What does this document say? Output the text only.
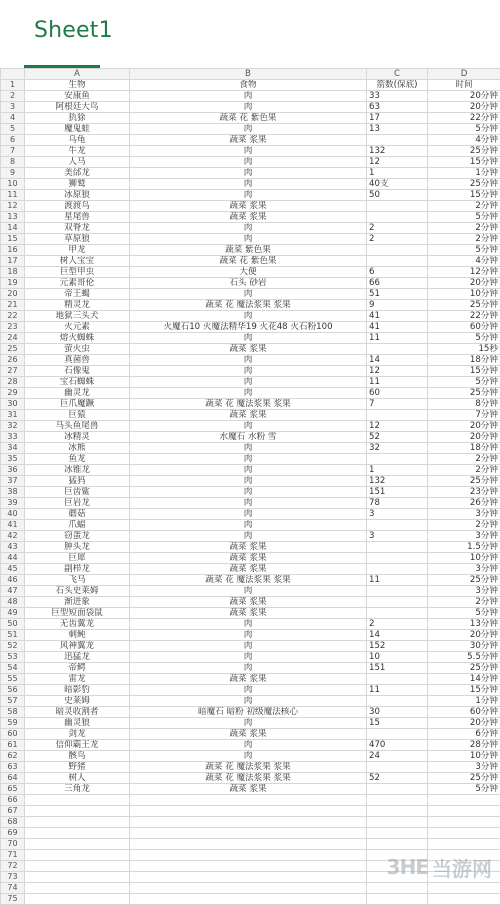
Sheet1
	A	B	C	D
1	生物	食物	箭数(保底)	时间
2	安康鱼	肉	33	20分钟
3	阿根廷大鸟	肉	63	20分钟
4	犰狳	蔬菜 花 紫色果	17	22分钟
5	魔鬼蛙	肉	13	5分钟
6	乌龟	蔬菜 浆果		4分钟
7	牛龙	肉	132	25分钟
8	人马	肉	12	15分钟
9	美邰龙	肉	1	1分钟
10	狮鹫	肉	40支	25分钟
11	冰原狼	肉	50	15分钟
12	渡渡鸟	蔬菜 浆果		2分钟
13	星尾兽	蔬菜 浆果		5分钟
14	双脊龙	肉	2	2分钟
15	草原狼	肉	2	2分钟
16	甲龙	蔬菜 紫色果		5分钟
17	树人宝宝	蔬菜 花 紫色果		4分钟
18	巨型甲虫	大便	6	12分钟
19	元素哥伦	石头 砂岩	66	20分钟
20	帝王蝎	肉	51	10分钟
21	精灵龙	蔬菜 花 魔法浆果 浆果	9	25分钟
22	地狱三头犬	肉	41	22分钟
23	火元素	火魔石10 火魔法精华19 火花48 火石粉100	41	60分钟
24	熔火蜘蛛	肉	11	5分钟
25	萤火虫	蔬菜 浆果		15秒
26	真菌兽	肉	14	18分钟
27	石像鬼	肉	12	15分钟
28	宝石蜘蛛	肉	11	5分钟
29	幽灵龙	肉	60	25分钟
30	巨爪魔蹶	蔬菜 花 魔法浆果 浆果	7	8分钟
31	巨猿	蔬菜 浆果		7分钟
32	马头鱼尾兽	肉	12	20分钟
33	冰精灵	水魔石 水粉 雪	52	20分钟
34	冰熊	肉	32	18分钟
35	鱼龙	肉		2分钟
36	冰锥龙	肉	1	2分钟
37	猛犸	肉	132	25分钟
38	巨齿鲨	肉	151	23分钟
39	巨岩龙	肉	78	26分钟
40	蘑菇	肉	3	3分钟
41	爪蝠	肉		2分钟
42	窃蛋龙	肉	3	3分钟
43	肿头龙	蔬菜 浆果		1.5分钟
44	巨犀	蔬菜 浆果		10分钟
45	副栉龙	蔬菜 浆果		3分钟
46	飞马	蔬菜 花 魔法浆果 浆果	11	25分钟
47	石头史莱姆	肉		3分钟
48	渐进象	蔬菜 浆果		2分钟
49	巨型短面袋鼠	蔬菜 浆果		5分钟
50	无齿翼龙	肉	2	13分钟
51	刺鲀	肉	14	20分钟
52	风神翼龙	肉	152	30分钟
53	迅猛龙	肉	10	5.5分钟
54	帝鳄	肉	151	25分钟
55	雷龙	蔬菜 浆果		14分钟
56	暗影豹	肉	11	15分钟
57	史莱姆	肉		1分钟
58	暗灵收割者	暗魔石 暗粉 初级魔法核心	30	60分钟
59	幽灵狼	肉	15	20分钟
60	剑龙	蔬菜 浆果		6分钟
61	信仰霸王龙	肉	470	28分钟
62	骸鸟	肉	24	10分钟
63	野猪	蔬菜 花 魔法浆果 浆果		3分钟
64	树人	蔬菜 花 魔法浆果 浆果	52	25分钟
65	三角龙	蔬菜 浆果		5分钟
66				
67				
68				
69				
70				
71				
72				
73				
74				
75				
3HE 当游网
